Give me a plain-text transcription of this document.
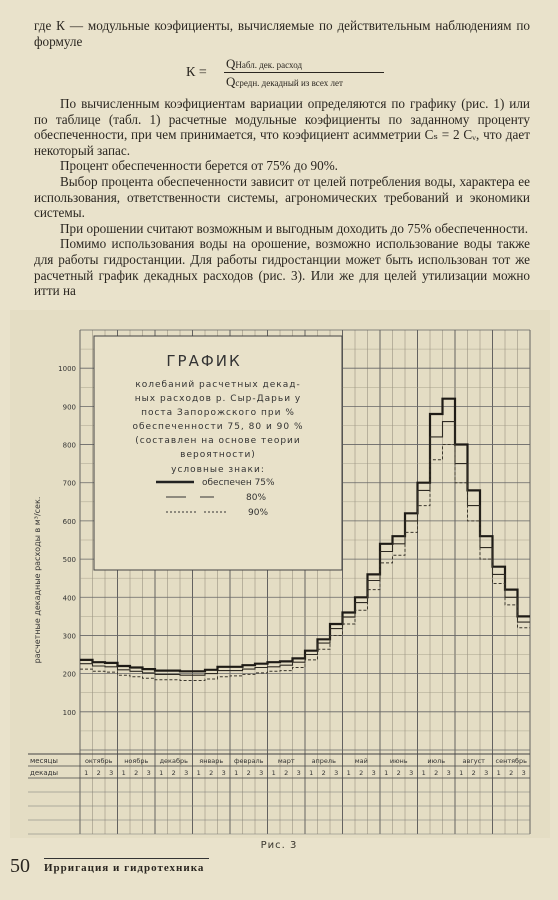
где К — модульные коэфициенты, вычисляемые по действительным наблюдениям по формуле

К =
QНабл. дек. расход
Qсредн. декадный из всех лет

По вычисленным коэфициентам вариации определяются по графику (рис. 1) или по таблице (табл. 1) расчетные модульные коэфициенты по заданному проценту обеспеченности, при чем принимается, что коэфициент асимметрии Cₛ = 2 Cᵥ, что дает некоторый запас.

Процент обеспеченности берется от 75% до 90%.

Выбор процента обеспеченности зависит от целей потребления воды, характера ее использования, ответственности системы, агрономических требований и экономики системы.

При орошении считают возможным и выгодным доходить до 75% обеспеченности.

Помимо использования воды на орошение, возможно использование воды также для работы гидростанции. Для работы гидростанции может быть использован тот же расчетный график декадных расходов (рис. 3). Или же для целей утилизации можно итти на

100
200
300
400
500
600
700
800
900
1000
расчетные декадные расходы в м³/сек.
ГРАФИК
колебаний расчетных декад-
ных расходов р. Сыр-Дарьи у
поста Запорожского при %
обеспеченности 75, 80 и 90 %
(составлен на основе теории
вероятности)
условные знаки:
обеспечен 75%
80%
90%
месяцы
декады
октябрь ноябрь декабрь январь февраль март	апрель	май	июнь	июль	август сентябрь
1 2 3 1 2 3 1 2 3 1 2 3 1 2 3 1 2 3 1 2 3 1 2 3 1 2 3 1 2 3 1 2 3 1 2 3
Рис. 3
50 Ирригация и гидротехника
